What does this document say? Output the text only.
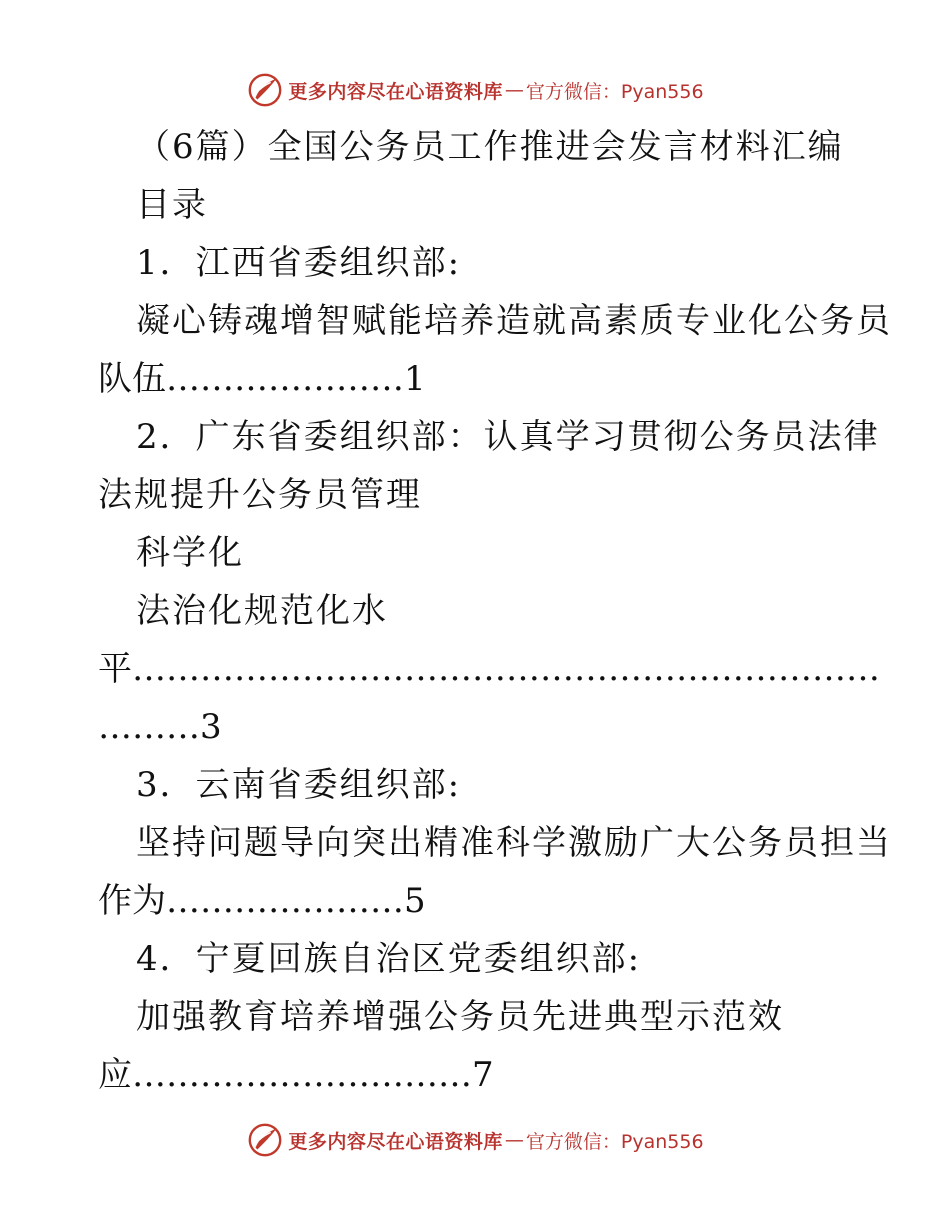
更多内容尽在心语资料库 — 官方微信：Pyan556
（6篇）全国公务员工作推进会发言材料汇编
目录
1．江西省委组织部:
凝心铸魂增智赋能培养造就高素质专业化公务员
队伍…………………1
2．广东省委组织部：认真学习贯彻公务员法律
法规提升公务员管理
科学化
法治化规范化水
平…………………………………………………………
………3
3．云南省委组织部:
坚持问题导向突出精准科学激励广大公务员担当
作为…………………5
4．宁夏回族自治区党委组织部:
加强教育培养增强公务员先进典型示范效
应…………………………7
更多内容尽在心语资料库 — 官方微信：Pyan556
